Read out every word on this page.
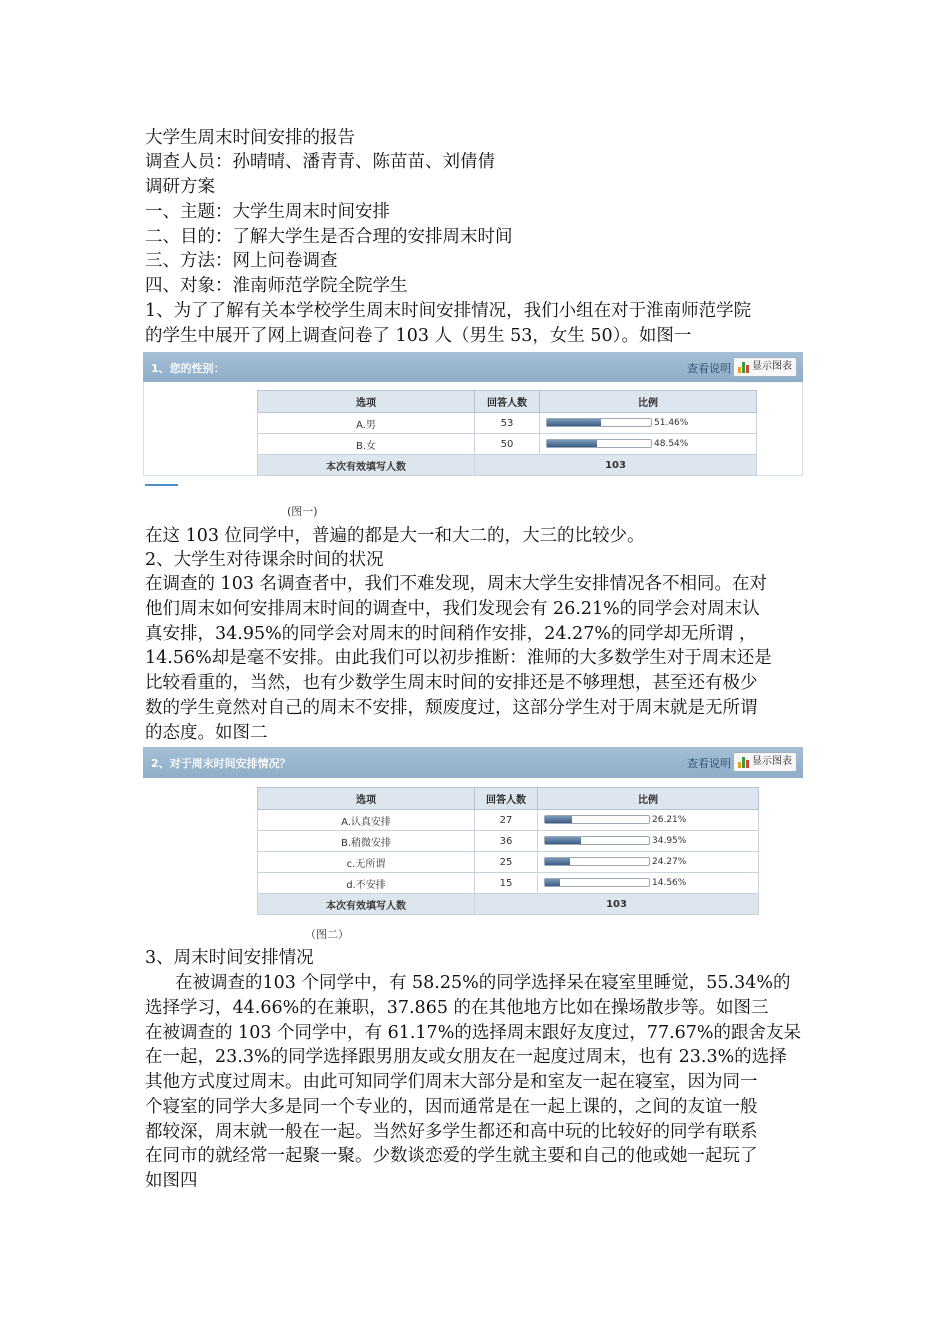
大学生周末时间安排的报告
调查人员：孙晴晴、潘青青、陈苗苗、刘倩倩
调研方案
一、主题：大学生周末时间安排
二、目的：了解大学生是否合理的安排周末时间
三、方法：网上问卷调查
四、对象：淮南师范学院全院学生
1、为了了解有关本学校学生周末时间安排情况，我们小组在对于淮南师范学院
的学生中展开了网上调查问卷了 103 人（男生 53，女生 50）。如图一
1、您的性别：	查看说明 显示图表
选项	回答人数	比例
A.男	53	51.46%
B.女	50	48.54%
本次有效填写人数	103	
(图一)
在这 103 位同学中，普遍的都是大一和大二的，大三的比较少。
2、大学生对待课余时间的状况
在调查的 103 名调查者中，我们不难发现，周末大学生安排情况各不相同。在对
他们周末如何安排周末时间的调查中，我们发现会有 26.21%的同学会对周末认
真安排，34.95%的同学会对周末的时间稍作安排，24.27%的同学却无所谓 ，
14.56%却是毫不安排。由此我们可以初步推断：淮师的大多数学生对于周末还是
比较看重的，当然，也有少数学生周末时间的安排还是不够理想，甚至还有极少
数的学生竟然对自己的周末不安排，颓废度过，这部分学生对于周末就是无所谓
的态度。如图二
2、对于周末时间安排情况？	查看说明 显示图表
选项	回答人数	比例
A.认真安排	27	26.21%
B.稍微安排	36	34.95%
c.无所谓	25	24.27%
d.不安排	15	14.56%
本次有效填写人数	103	
（图二）
3、周末时间安排情况
在被调查的103 个同学中，有 58.25%的同学选择呆在寝室里睡觉，55.34%的
选择学习，44.66%的在兼职，37.865 的在其他地方比如在操场散步等。如图三
在被调查的 103 个同学中，有 61.17%的选择周末跟好友度过，77.67%的跟舍友呆
在一起，23.3%的同学选择跟男朋友或女朋友在一起度过周末，也有 23.3%的选择
其他方式度过周末。由此可知同学们周末大部分是和室友一起在寝室，因为同一
个寝室的同学大多是同一个专业的，因而通常是在一起上课的，之间的友谊一般
都较深，周末就一般在一起。当然好多学生都还和高中玩的比较好的同学有联系
在同市的就经常一起聚一聚。少数谈恋爱的学生就主要和自己的他或她一起玩了
如图四
